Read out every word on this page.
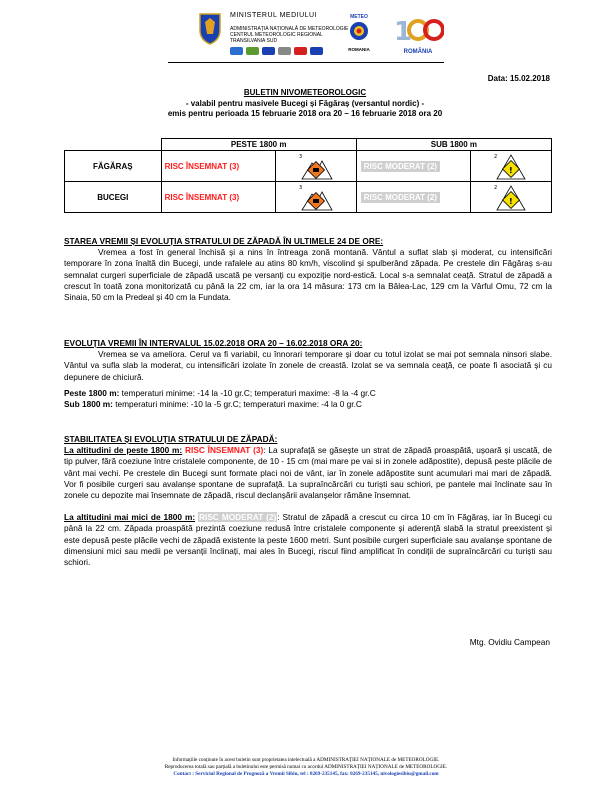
MINISTERUL MEDIULUI
ADMINISTRAȚIA NAȚIONALĂ DE METEOROLOGIE
CENTRUL METEOROLOGIC REGIONAL TRANSILVANIA SUD
METEO
ROMANIA
1
ROMÂNIA
Data: 15.02.2018
BULETIN NIVOMETEOROLOGIC
- valabil pentru masivele Bucegi și Făgăraș (versantul nordic) -
emis pentru perioada 15 februarie 2018 ora 20 – 16 februarie 2018 ora 20
	PESTE 1800 m		SUB 1800 m	
FĂGĂRAȘ	RISC ÎNSEMNAT (3)	3	RISC MODERAT (2)	2
!

BUCEGI	RISC ÎNSEMNAT (3)	3	RISC MODERAT (2)	2
!
STAREA VREMII ȘI EVOLUȚIA STRATULUI DE ZĂPADĂ ÎN ULTIMELE 24 DE ORE:
Vremea a fost în general închisă și a nins în întreaga zonă montană. Vântul a suflat slab și moderat, cu intensificări temporare în zona înaltă din Bucegi, unde rafalele au atins 80 km/h, viscolind și spulberând zăpada. Pe crestele din Făgăraș s-au semnalat curgeri superficiale de zăpadă uscată pe versanți cu expoziție nord-estică. Local s-a semnalat ceață. Stratul de zăpadă a crescut în toată zona monitorizată cu până la 22 cm, iar la ora 14 măsura: 173 cm la Bâlea-Lac, 129 cm la Vârful Omu, 72 cm la Sinaia, 50 cm la Predeal și 40 cm la Fundata.
EVOLUȚIA VREMII ÎN INTERVALUL 15.02.2018 ORA 20 – 16.02.2018 ORA 20:
Vremea se va ameliora. Cerul va fi variabil, cu înnorari temporare și doar cu totul izolat se mai pot semnala ninsori slabe. Vântul va sufla slab la moderat, cu intensificări izolate în zonele de creastă. Izolat se va semnala ceață, ce poate fi asociată și cu depunere de chiciură.
Peste 1800 m: temperaturi minime: -14 la -10 gr.C; temperaturi maxime: -8 la -4 gr.C
Sub 1800 m: temperaturi minime: -10 la -5 gr.C; temperaturi maxime: -4 la 0 gr.C
STABILITATEA ȘI EVOLUȚIA STRATULUI DE ZĂPADĂ:
La altitudini de peste 1800 m: RISC ÎNSEMNAT (3): La suprafață se găsește un strat de zăpadă proaspătă, ușoară și uscată, de tip pulver, fără coeziune între cristalele componente, de 10 - 15 cm (mai mare pe vai si in zonele adăpostite), depusă peste plăcile de vânt mai vechi. Pe crestele din Bucegi sunt formate placi noi de vânt, iar în zonele adăpostite sunt acumulari mai mari de zăpadă. Vor fi posibile curgeri sau avalanșe spontane de suprafață. La supraîncărcări cu turiști sau schiori, pe pantele mai înclinate sau în zonele cu depozite mai însemnate de zăpadă, riscul declanșării avalanșelor rămâne însemnat.
La altitudini mai mici de 1800 m: RISC MODERAT (2): Stratul de zăpadă a crescut cu circa 10 cm în Făgăraș, iar în Bucegi cu până la 22 cm. Zăpada proaspătă prezintă coeziune redusă între cristalele componente și aderență slabă la stratul preexistent și este depusă peste plăcile vechi de zăpadă existente la peste 1600 metri. Sunt posibile curgeri superficiale sau avalanșe spontane de dimensiuni mici sau medii pe versanții înclinați, mai ales în Bucegi, riscul fiind amplificat în condiții de supraîncărcări cu turiști sau schiori.
Mtg. Ovidiu Campean
Informațiile conținute în acest buletin sunt proprietatea intelectuală a ADMINISTRAȚIEI NAȚIONALE de METEOROLOGIE.
Reproducerea totală sau parțială a buletinului este permisă numai cu acordul ADMINISTRAȚIEI NAȚIONALE de METEOROLOGIE.
Contact : Serviciul Regional de Prognoză a Vremii Sibiu, tel : 0269-235145, fax: 0269-235145, nivologiesibiu@gmail.com
